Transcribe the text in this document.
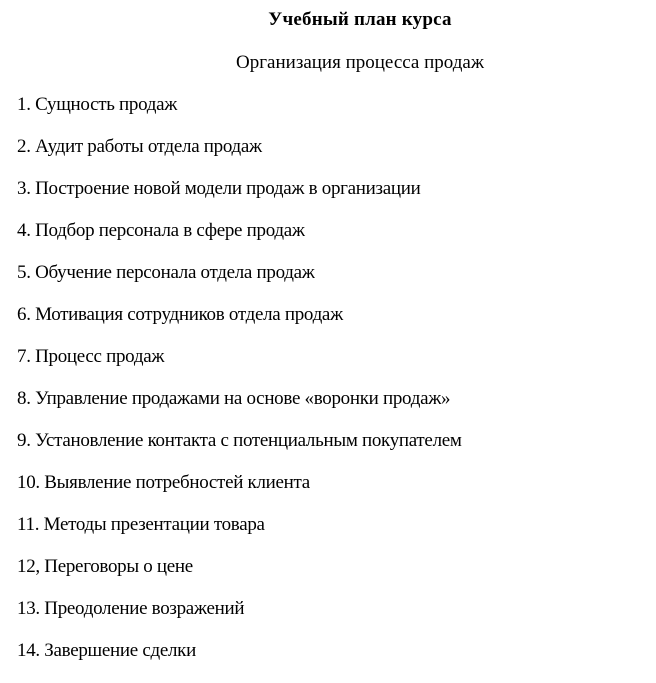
Учебный план курса
Организация процесса продаж
1. Сущность продаж
2. Аудит работы отдела продаж
3. Построение новой модели продаж в организации
4. Подбор персонала в сфере продаж
5. Обучение персонала отдела продаж
6. Мотивация сотрудников отдела продаж
7. Процесс продаж
8. Управление продажами на основе «воронки продаж»
9. Установление контакта с потенциальным покупателем
10. Выявление потребностей клиента
11. Методы презентации товара
12, Переговоры о цене
13. Преодоление возражений
14. Завершение сделки
